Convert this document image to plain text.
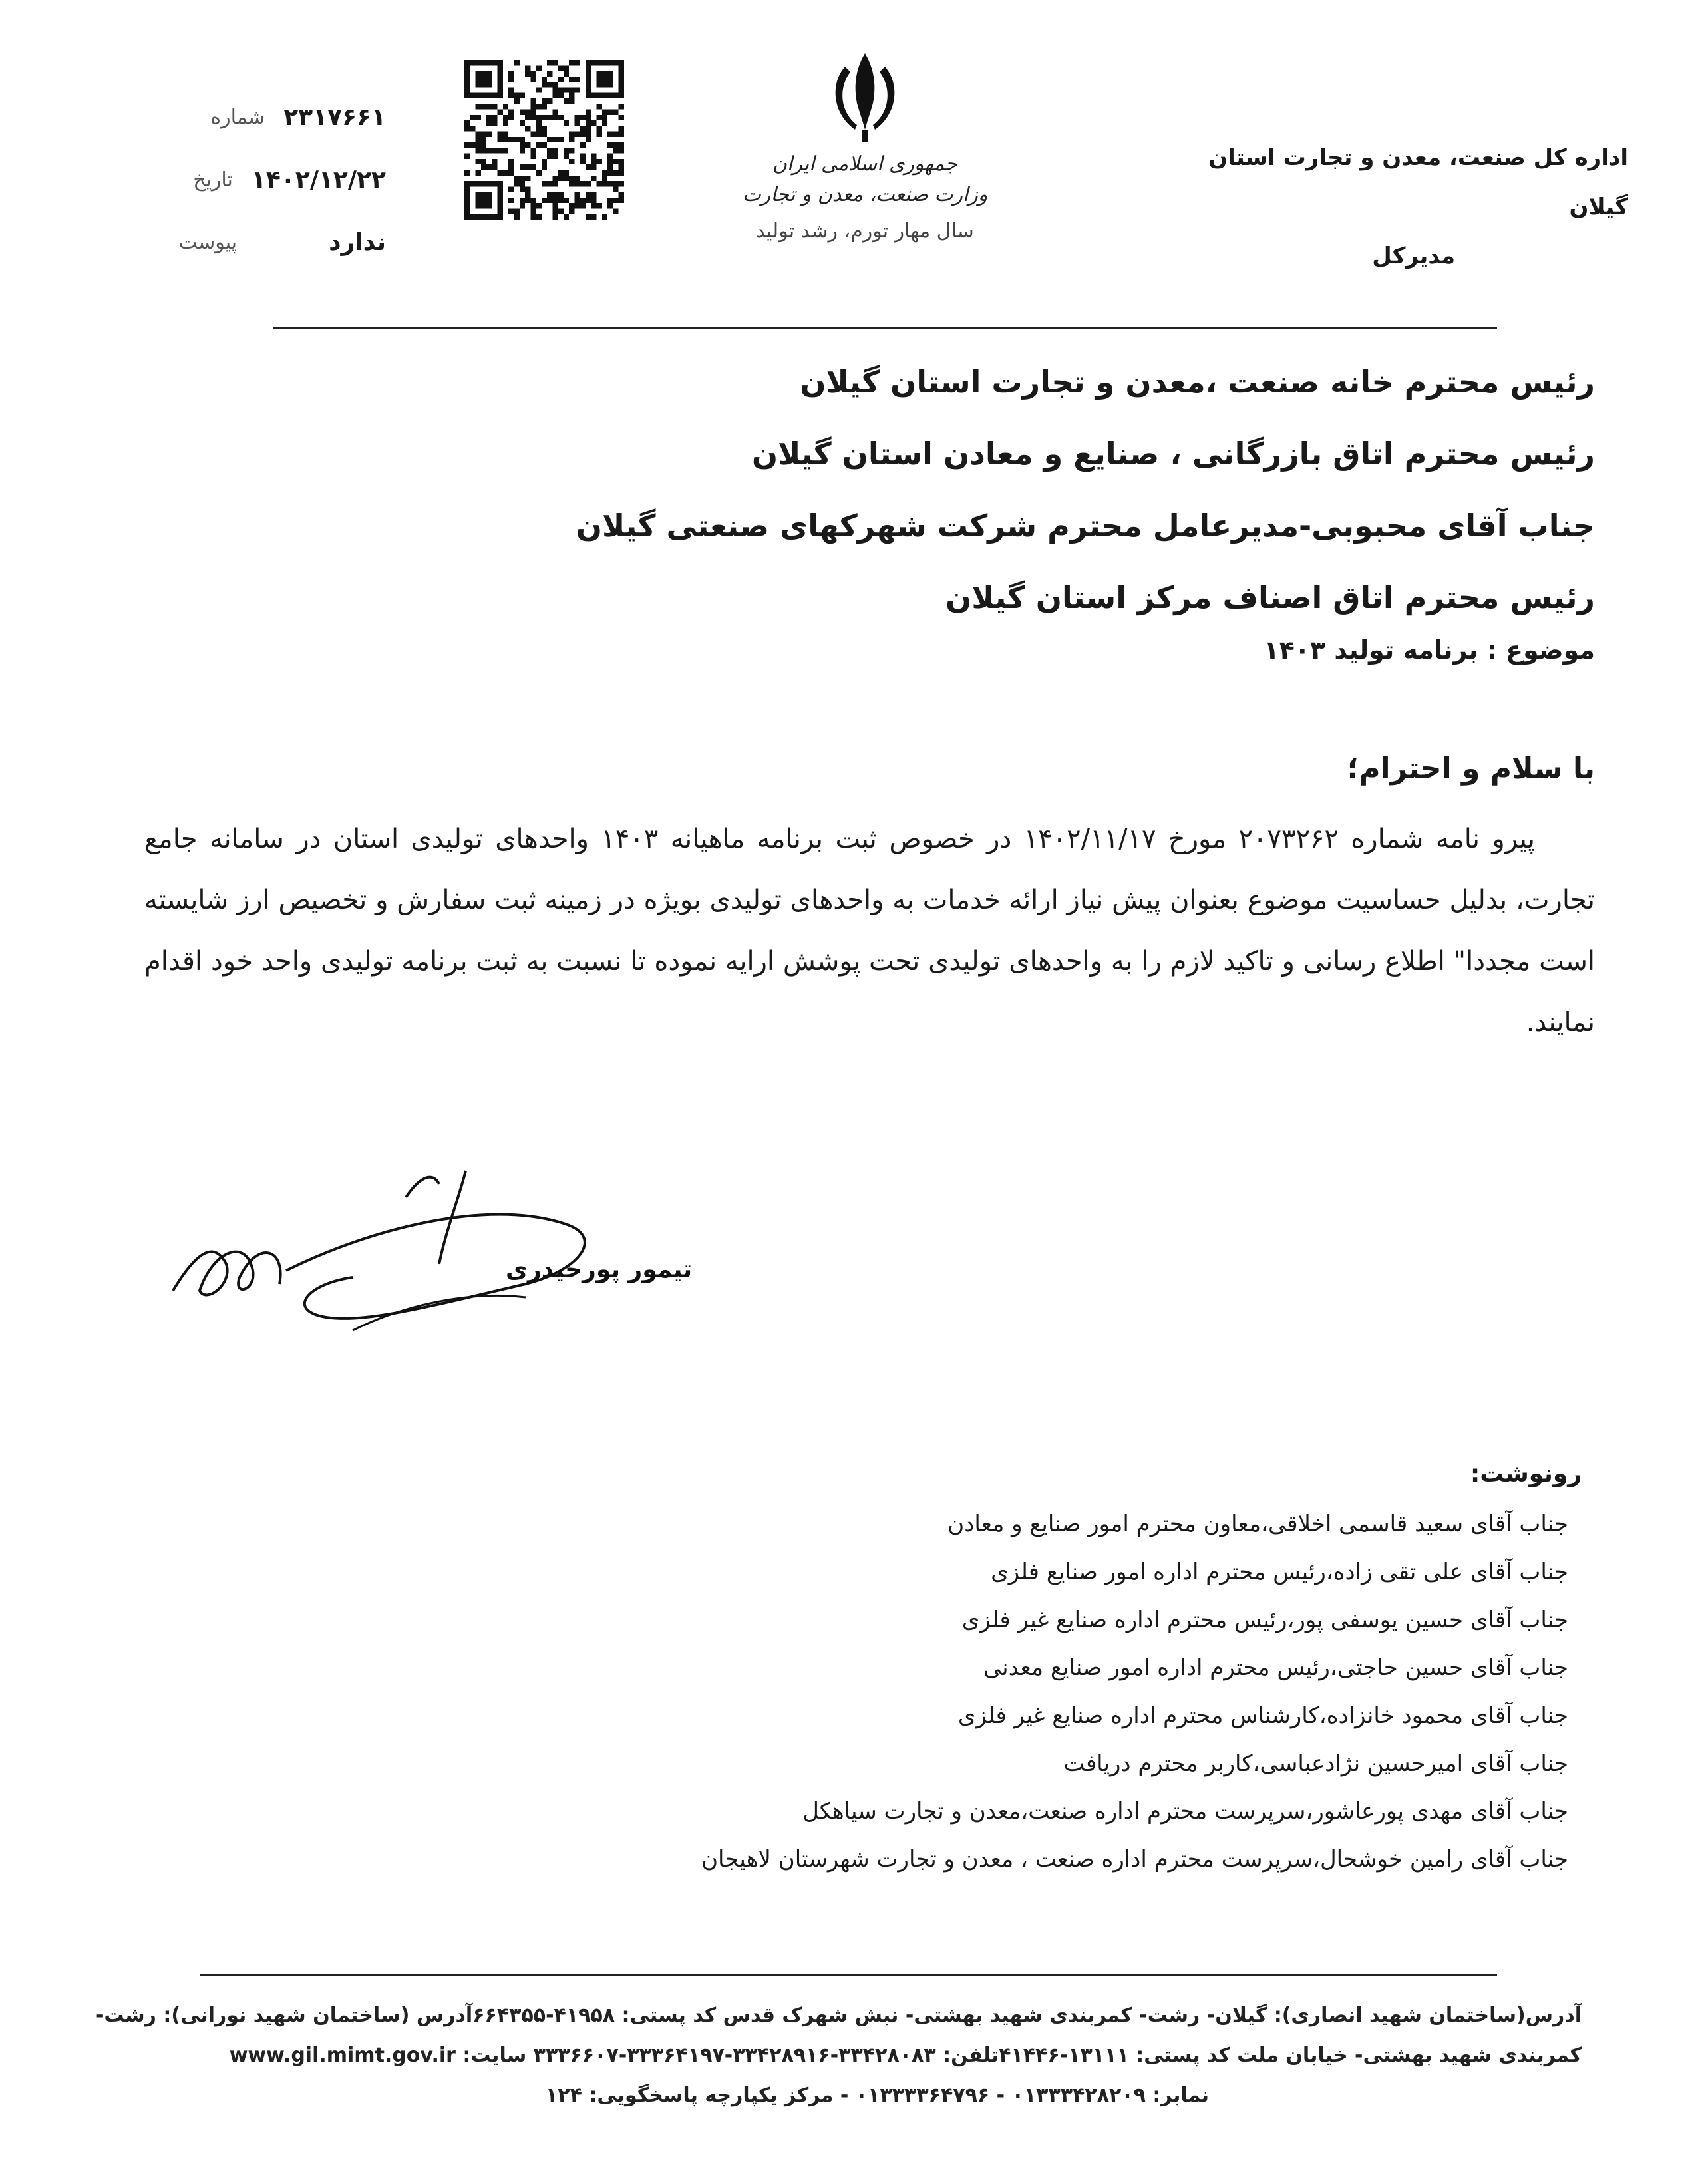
اداره کل صنعت، معدن و تجارت استان گیلان
مدیرکل
جمهوری اسلامی ایران
وزارت صنعت، معدن و تجارت
سال مهار تورم، رشد تولید
۲۳۱۷۶۶۱
شماره
۱۴۰۲/۱۲/۲۲
تاریخ
ندارد
پیوست
رئیس محترم خانه صنعت ،معدن و تجارت استان گیلان
رئیس محترم اتاق بازرگانی ، صنایع و معادن استان گیلان
جناب آقای محبوبی-مدیرعامل محترم شرکت شهرکهای صنعتی گیلان
رئیس محترم اتاق اصناف مرکز استان گیلان
موضوع : برنامه تولید ۱۴۰۳
با سلام و احترام؛

پیرو نامه شماره ۲۰۷۳۲۶۲ مورخ ۱۴۰۲/۱۱/۱۷ در خصوص ثبت برنامه ماهیانه ۱۴۰۳ واحدهای تولیدی استان در سامانه جامع تجارت، بدلیل حساسیت موضوع بعنوان پیش نیاز ارائه خدمات به واحدهای تولیدی بویژه در زمینه ثبت سفارش و تخصیص ارز شایسته است مجددا" اطلاع رسانی و تاکید لازم را به واحدهای تولیدی تحت پوشش ارایه نموده تا نسبت به ثبت برنامه تولیدی واحد خود اقدام نمایند.

تیمور پورحیدری
رونوشت:
جناب آقای سعید قاسمی اخلاقی،معاون محترم امور صنایع و معادن
جناب آقای علی تقی زاده،رئیس محترم اداره امور صنایع فلزی
جناب آقای حسین یوسفی پور،رئیس محترم اداره صنایع غیر فلزی
جناب آقای حسین حاجتی،رئیس محترم اداره امور صنایع معدنی
جناب آقای محمود خانزاده،کارشناس محترم اداره صنایع غیر فلزی
جناب آقای امیرحسین نژادعباسی،کاربر محترم دریافت
جناب آقای مهدی پورعاشور،سرپرست محترم اداره صنعت،معدن و تجارت سیاهکل
جناب آقای رامین خوشحال،سرپرست محترم اداره صنعت ، معدن و تجارت شهرستان لاهیجان
آدرس(ساختمان شهید انصاری): گیلان- رشت- کمربندی شهید بهشتی- نبش شهرک قدس کد پستی: ۴۱۹۵۸-۶۶۴۳۵۵آدرس (ساختمان شهید نورانی): رشت-
کمربندی شهید بهشتی- خیابان ملت کد پستی: ۱۳۱۱۱-۴۱۴۴۶تلفن: ۳۳۴۲۸۰۸۳-۳۳۴۲۸۹۱۶-۳۳۳۶۴۱۹۷-۳۳۳۶۶۰۷ سایت: www.gil.mimt.gov.ir
نمابر: ۰۱۳۳۳۴۲۸۲۰۹ - ۰۱۳۳۳۳۶۴۷۹۶ - مرکز یکپارچه پاسخگویی: ۱۲۴
